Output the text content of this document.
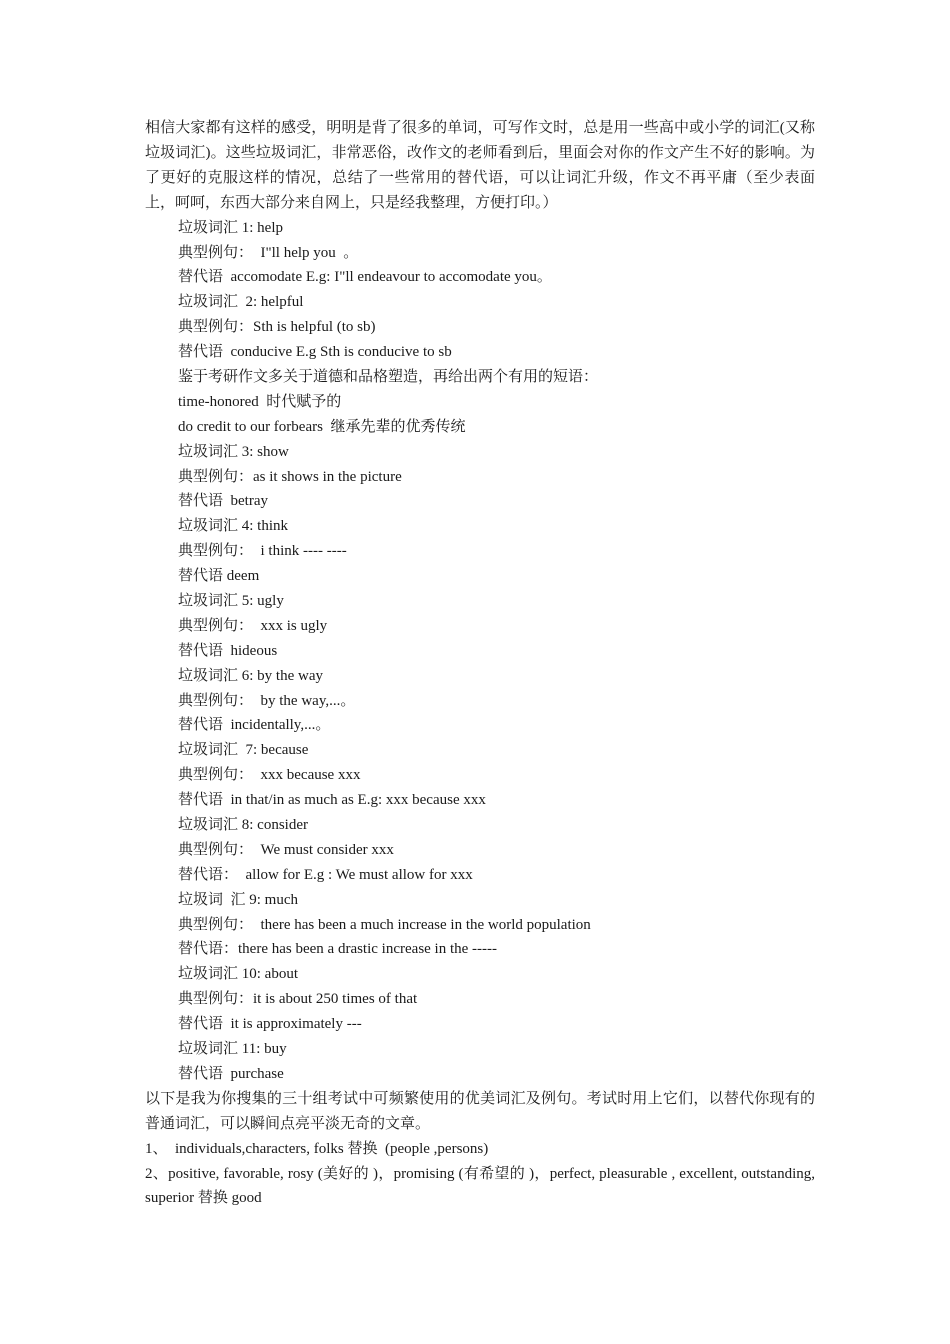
相信大家都有这样的感受，明明是背了很多的单词，可写作文时，总是用一些高中或小学的词汇(又称垃圾词汇)。这些垃圾词汇，非常恶俗，改作文的老师看到后，里面会对你的作文产生不好的影响。为了更好的克服这样的情况，总结了一些常用的替代语，可以让词汇升级，作文不再平庸（至少表面上，呵呵，东西大部分来自网上，只是经我整理，方便打印。）

垃圾词汇 1: help
典型例句：  I"ll help you  。
替代语  accomodate E.g: I"ll endeavour to accomodate you。
垃圾词汇  2: helpful
典型例句：Sth is helpful (to sb)
替代语  conducive E.g Sth is conducive to sb
鉴于考研作文多关于道德和品格塑造，再给出两个有用的短语：
time-honored  时代赋予的
do credit to our forbears  继承先辈的优秀传统
垃圾词汇 3: show
典型例句：as it shows in the picture
替代语  betray
垃圾词汇 4: think
典型例句：  i think ---- ----
替代语 deem
垃圾词汇 5: ugly
典型例句：  xxx is ugly
替代语  hideous
垃圾词汇 6: by the way
典型例句：  by the way,...。
替代语  incidentally,...。
垃圾词汇  7: because
典型例句：  xxx because xxx
替代语  in that/in as much as E.g: xxx because xxx
垃圾词汇 8: consider
典型例句：  We must consider xxx
替代语：  allow for E.g : We must allow for xxx
垃圾词  汇 9: much
典型例句：  there has been a much increase in the world population
替代语：there has been a drastic increase in the -----
垃圾词汇 10: about
典型例句：it is about 250 times of that
替代语  it is approximately ---
垃圾词汇 11: buy
替代语  purchase

以下是我为你搜集的三十组考试中可频繁使用的优美词汇及例句。考试时用上它们，以替代你现有的普通词汇，可以瞬间点亮平淡无奇的文章。

1、  individuals,characters, folks 替换  (people ,persons)
2、positive, favorable, rosy (美好的 )，promising (有希望的 )，perfect, pleasurable , excellent, outstanding, superior 替换 good
